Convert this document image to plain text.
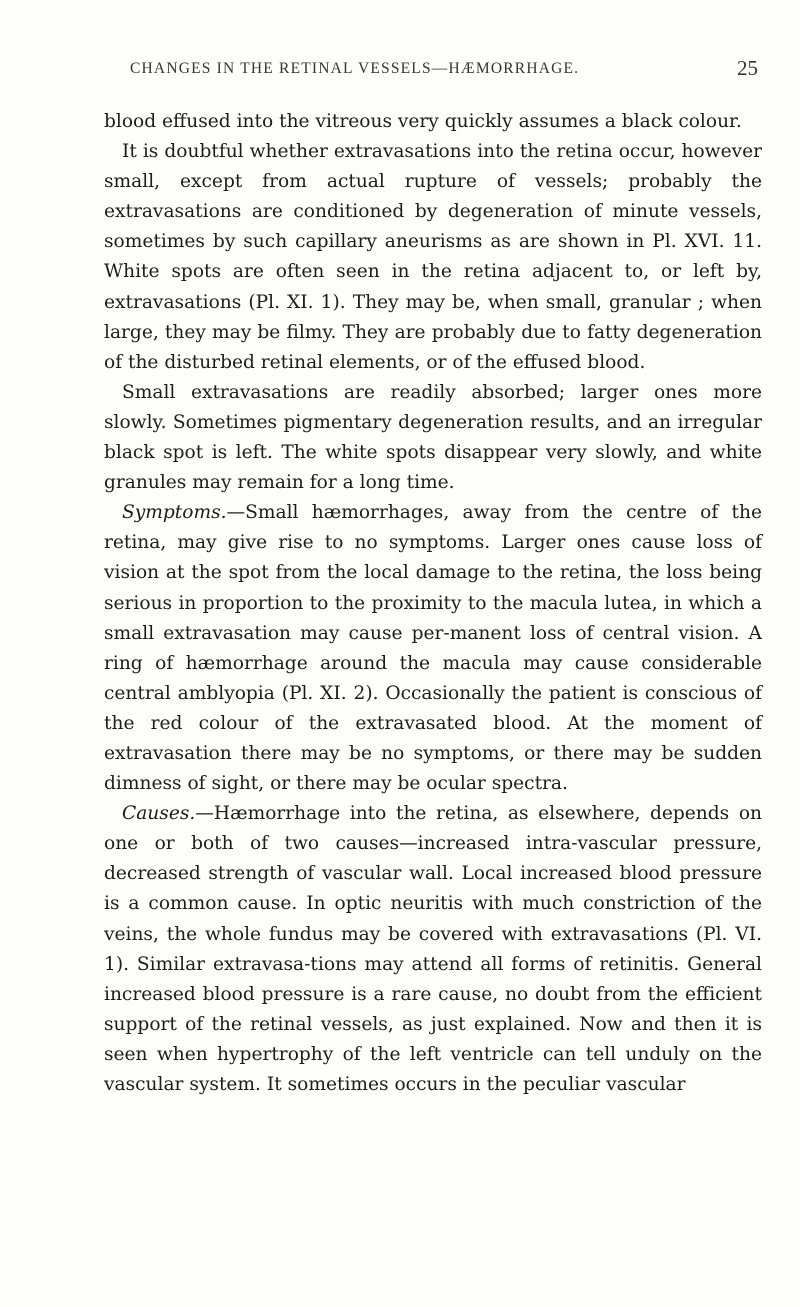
CHANGES IN THE RETINAL VESSELS—HÆMORRHAGE.	25

blood effused into the vitreous very quickly assumes a black colour.

It is doubtful whether extravasations into the retina occur, however small, except from actual rupture of vessels; probably the extravasations are conditioned by degeneration of minute vessels, sometimes by such capillary aneurisms as are shown in Pl. XVI. 11. White spots are often seen in the retina adjacent to, or left by, extravasations (Pl. XI. 1). They may be, when small, granular ; when large, they may be filmy. They are probably due to fatty degeneration of the disturbed retinal elements, or of the effused blood.

Small extravasations are readily absorbed; larger ones more slowly. Sometimes pigmentary degeneration results, and an irregular black spot is left. The white spots disappear very slowly, and white granules may remain for a long time.

Symptoms.—Small hæmorrhages, away from the centre of the retina, may give rise to no symptoms. Larger ones cause loss of vision at the spot from the local damage to the retina, the loss being serious in proportion to the proximity to the macula lutea, in which a small extravasation may cause per-manent loss of central vision. A ring of hæmorrhage around the macula may cause considerable central amblyopia (Pl. XI. 2). Occasionally the patient is conscious of the red colour of the extravasated blood. At the moment of extravasation there may be no symptoms, or there may be sudden dimness of sight, or there may be ocular spectra.

Causes.—Hæmorrhage into the retina, as elsewhere, depends on one or both of two causes—increased intra-vascular pressure, decreased strength of vascular wall. Local increased blood pressure is a common cause. In optic neuritis with much constriction of the veins, the whole fundus may be covered with extravasations (Pl. VI. 1). Similar extravasa-tions may attend all forms of retinitis. General increased blood pressure is a rare cause, no doubt from the efficient support of the retinal vessels, as just explained. Now and then it is seen when hypertrophy of the left ventricle can tell unduly on the vascular system. It sometimes occurs in the peculiar vascular
